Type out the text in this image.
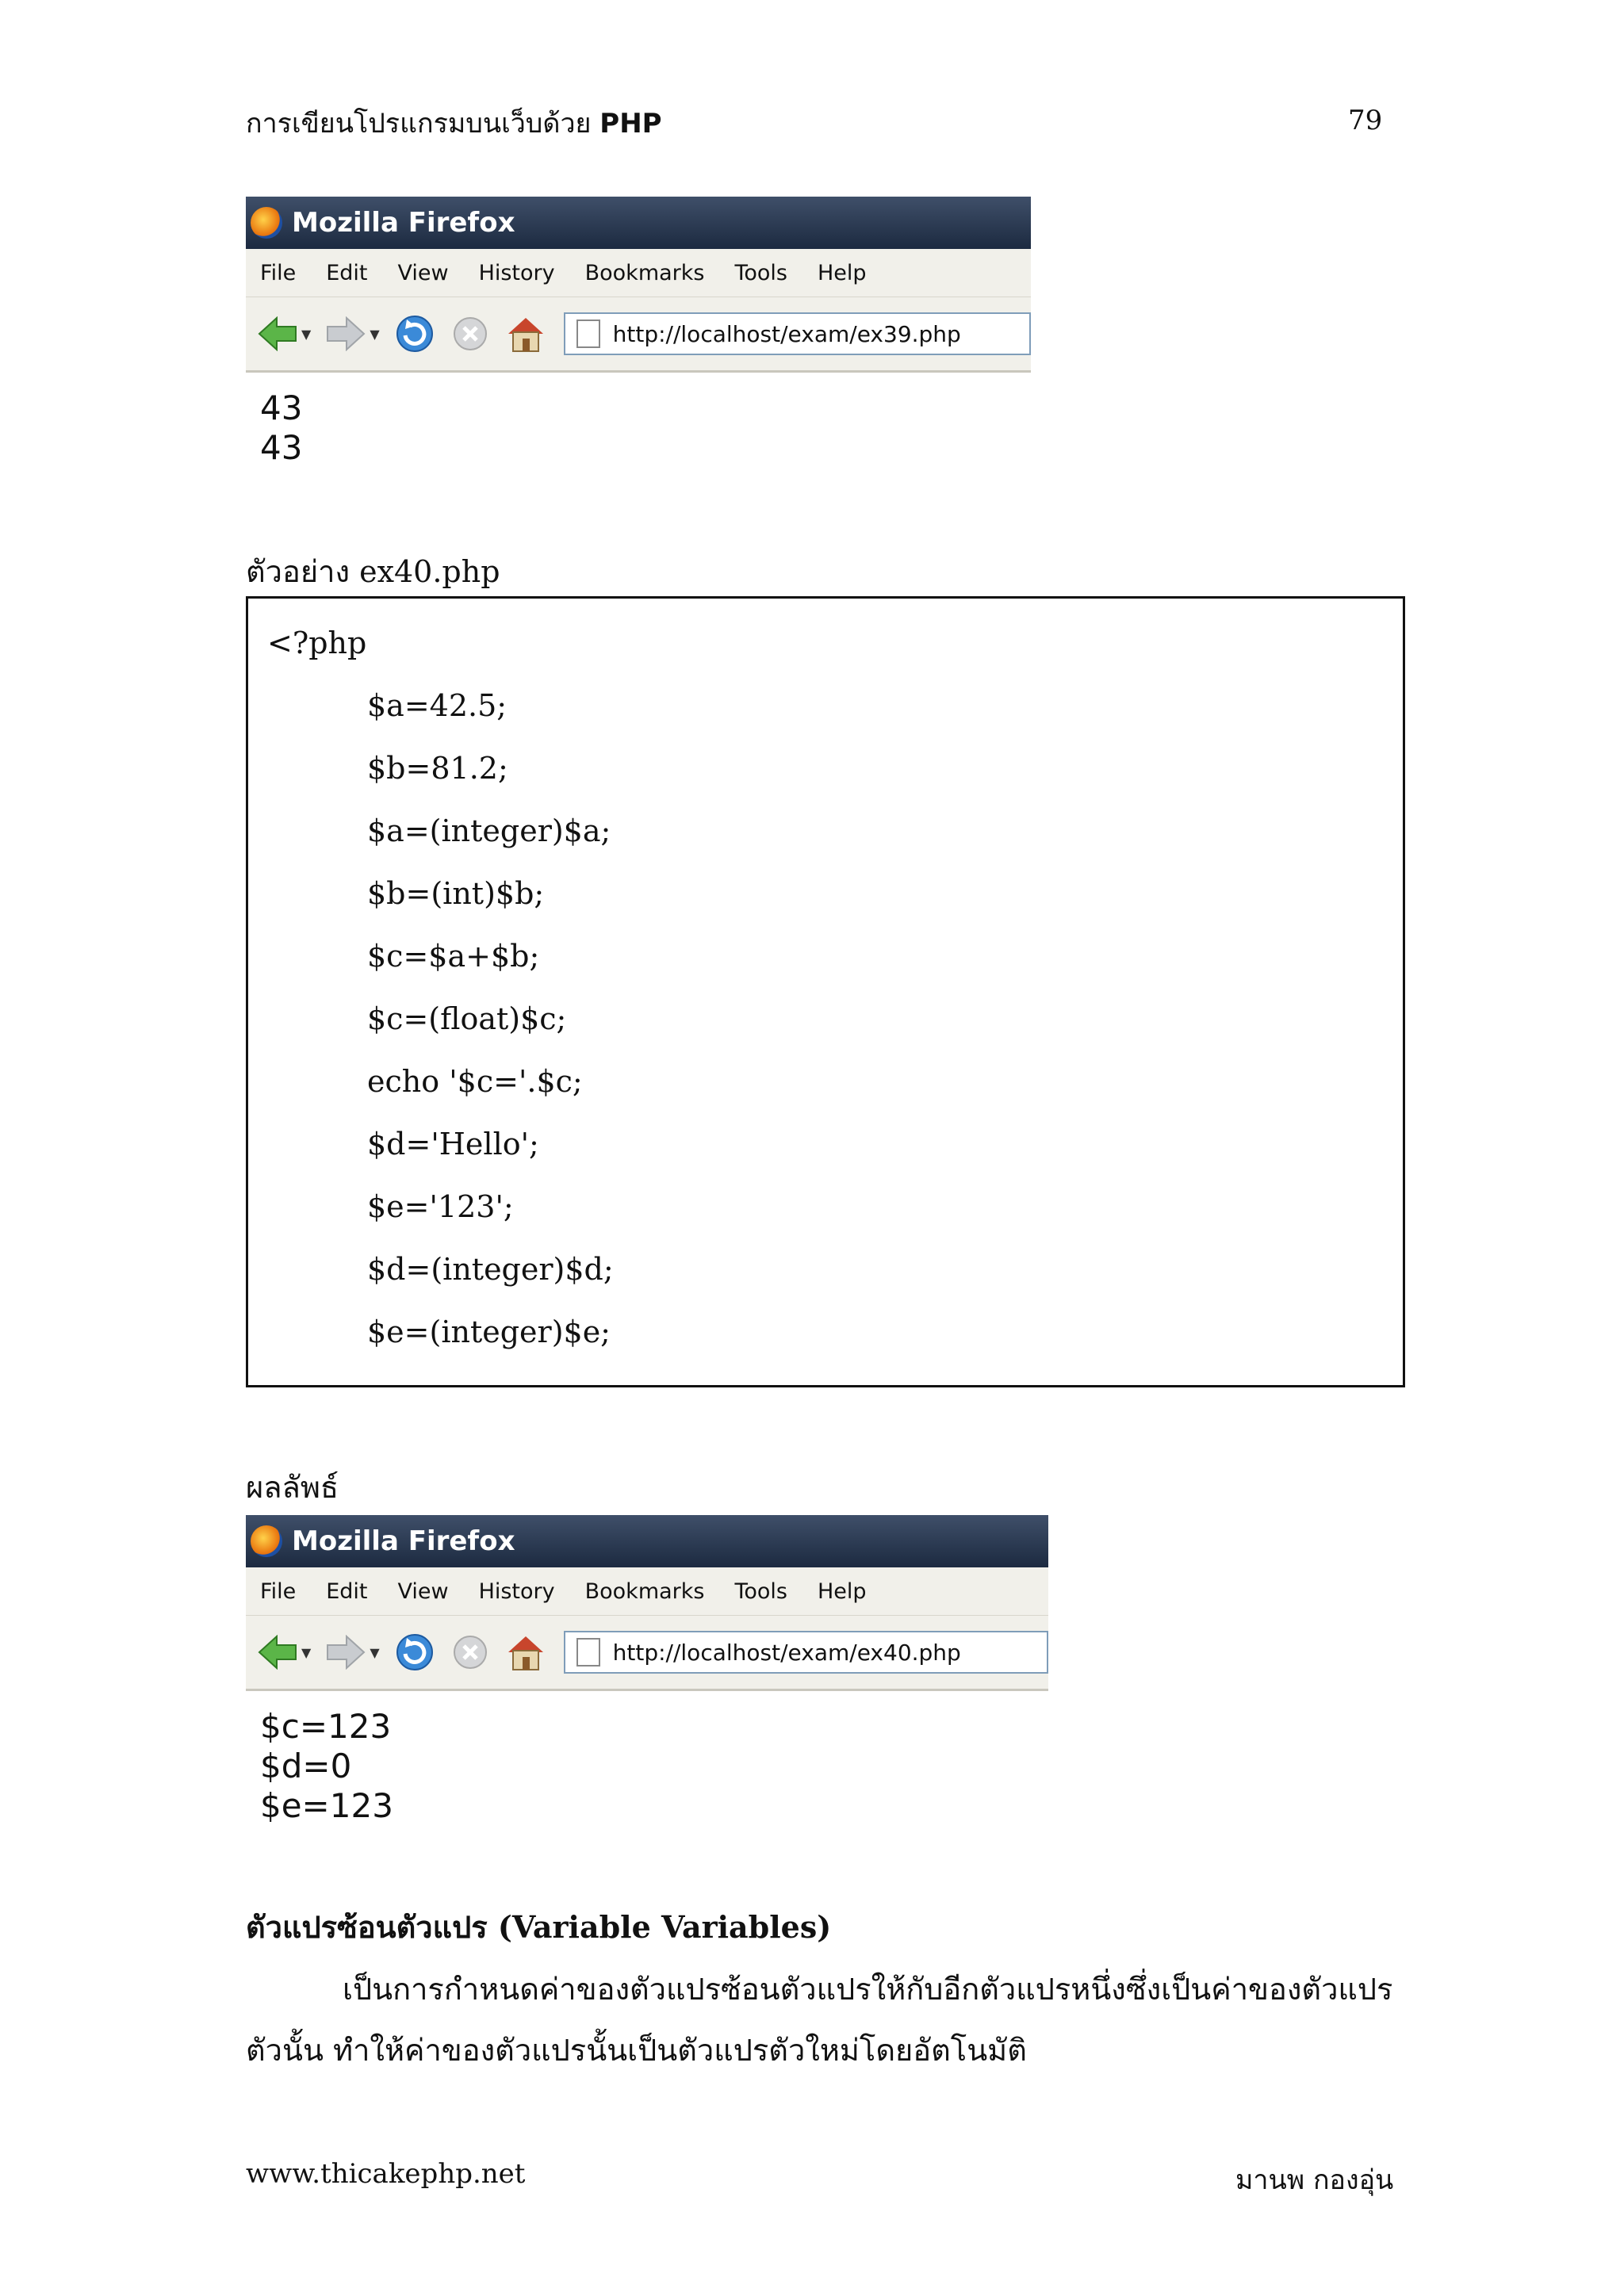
การเขียนโปรแกรมบนเว็บด้วย PHP	79
Mozilla Firefox
File Edit View History Bookmarks Tools Help
▼	▼	http://localhost/exam/ex39.php
43
43
ตัวอย่าง ex40.php
<?php
$a=42.5;
$b=81.2;
$a=(integer)$a;
$b=(int)$b;
$c=$a+$b;
$c=(float)$c;
echo '$c='.$c;
$d='Hello';
$e='123';
$d=(integer)$d;
$e=(integer)$e;
ผลลัพธ์
Mozilla Firefox
File Edit View History Bookmarks Tools Help
▼	▼	http://localhost/exam/ex40.php
$c=123
$d=0
$e=123
ตัวแปรซ้อนตัวแปร (Variable Variables)
เป็นการกำหนดค่าของตัวแปรซ้อนตัวแปรให้กับอีกตัวแปรหนึ่งซึ่งเป็นค่าของตัวแปร
ตัวนั้น ทำให้ค่าของตัวแปรนั้นเป็นตัวแปรตัวใหม่โดยอัตโนมัติ
www.thicakephp.net	มานพ กองอุ่น
